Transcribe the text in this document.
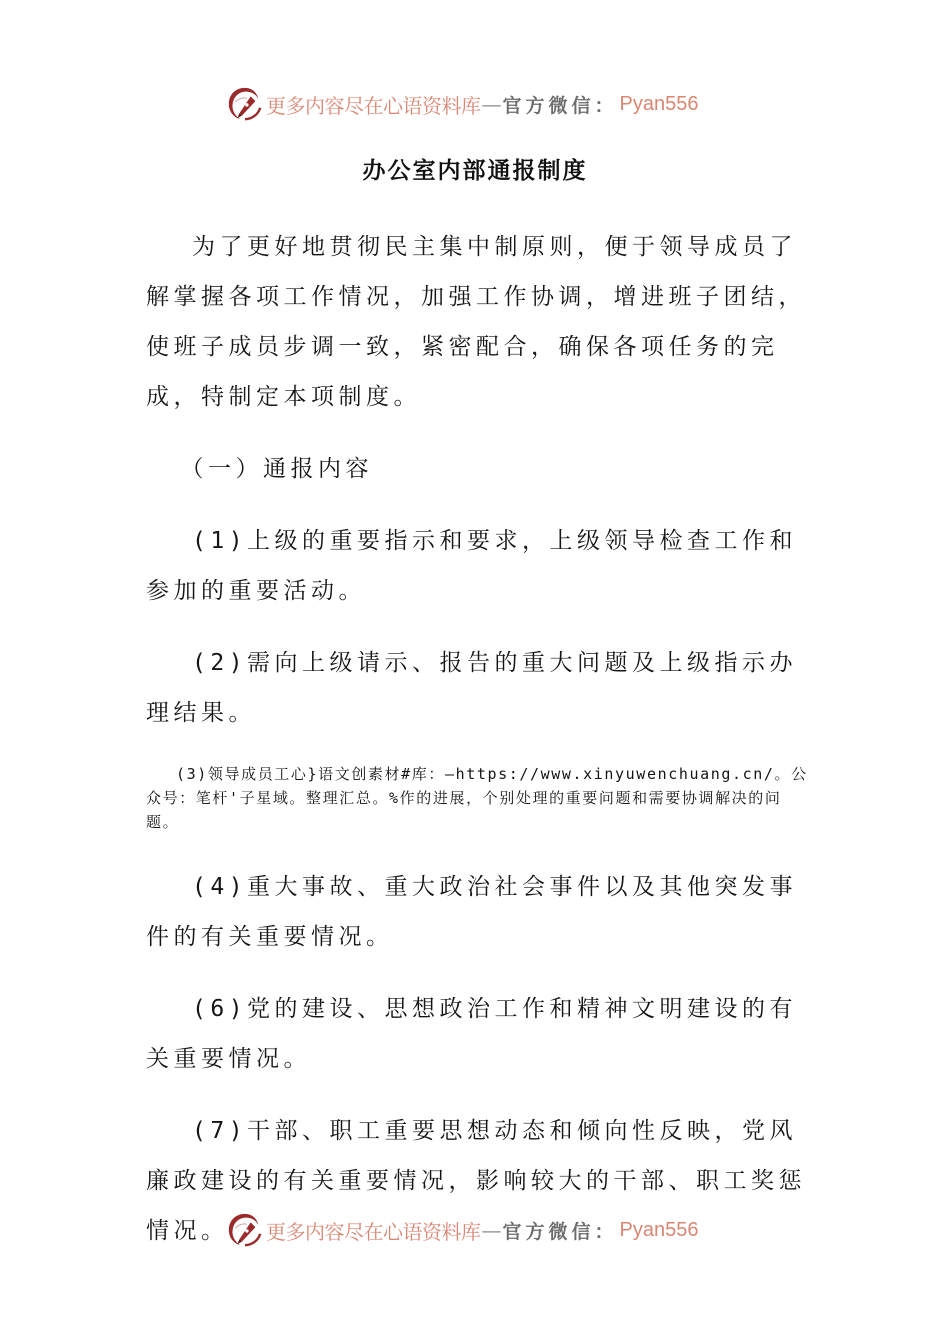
更多内容尽在心语资料库 — 官方微信： Pyan556
办公室内部通报制度

为了更好地贯彻民主集中制原则，便于领导成员了解掌握各项工作情况，加强工作协调，增进班子团结，使班子成员步调一致，紧密配合，确保各项任务的完成，特制定本项制度。

（一）通报内容

(1)上级的重要指示和要求，上级领导检查工作和参加的重要活动。

(2)需向上级请示、报告的重大问题及上级指示办理结果。

(3)领导成员工心}语文创素材#库：—https://www.xinyuwenchuang.cn/。公众号：笔杆'子星域。整理汇总。%作的进展，个别处理的重要问题和需要协调解决的问题。

(4)重大事故、重大政治社会事件以及其他突发事件的有关重要情况。

(6)党的建设、思想政治工作和精神文明建设的有关重要情况。

(7)干部、职工重要思想动态和倾向性反映，党风廉政建设的有关重要情况，影响较大的干部、职工奖惩情况。	更多内容尽在心语资料库 — 官方微信： Pyan556
